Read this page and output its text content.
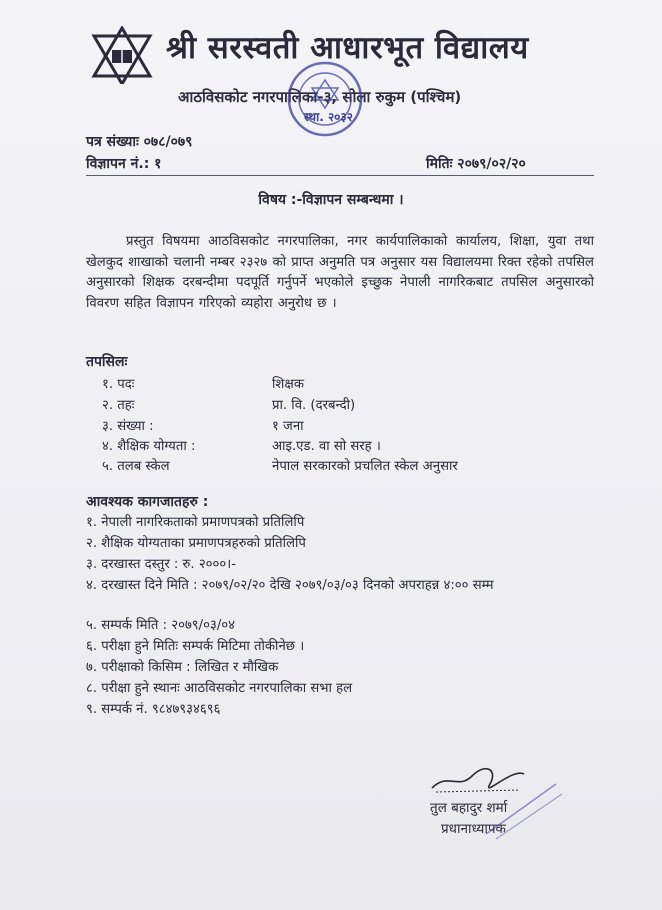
श्री सरस्वती आधारभूत विद्यालय
आठविसकोट नगरपालिका-३, सोला रुकुम (पश्चिम)
स्था. २०३२
पत्र संख्याः ०७८/०७९
विज्ञापन नं.: १	मितिः २०७९/०२/२०
विषय :-विज्ञापन सम्बन्धमा ।
प्रस्तुत विषयमा आठविसकोट नगरपालिका, नगर कार्यपालिकाको कार्यालय, शिक्षा, युवा तथा खेलकुद शाखाको चलानी नम्बर २३२७ को प्राप्त अनुमति पत्र अनुसार यस विद्यालयमा रिक्त रहेको तपसिल अनुसारको शिक्षक दरबन्दीमा पदपूर्ति गर्नुपर्ने भएकोले इच्छुक नेपाली नागरिकबाट तपसिल अनुसारको विवरण सहित विज्ञापन गरिएको व्यहोरा अनुरोध छ ।
तपसिलः
१. पदः	शिक्षक
२. तहः	प्रा. वि. (दरबन्दी)
३. संख्या :	१ जना
४. शैक्षिक योग्यता :	आइ.एड. वा सो सरह ।
५. तलब स्केल	नेपाल सरकारको प्रचलित स्केल अनुसार
आवश्यक कागजातहरु :
१. नेपाली नागरिकताको प्रमाणपत्रको प्रतिलिपि
२. शैक्षिक योग्यताका प्रमाणपत्रहरुको प्रतिलिपि
३. दरखास्त दस्तुर : रु. २०००।-
४. दरखास्त दिने मिति : २०७९/०२/२० देखि २०७९/०३/०३ दिनको अपराहन्न ४:०० सम्म
५. सम्पर्क मिति : २०७९/०३/०४
६. परीक्षा हुने मितिः सम्पर्क मिटिमा तोकीनेछ ।
७. परीक्षाको किसिम : लिखित र मौखिक
८. परीक्षा हुने स्थानः आठविसकोट नगरपालिका सभा हल
९. सम्पर्क नं. ९८४७९३४६९६
तुल बहादुर शर्मा
प्रधानाध्यापक
